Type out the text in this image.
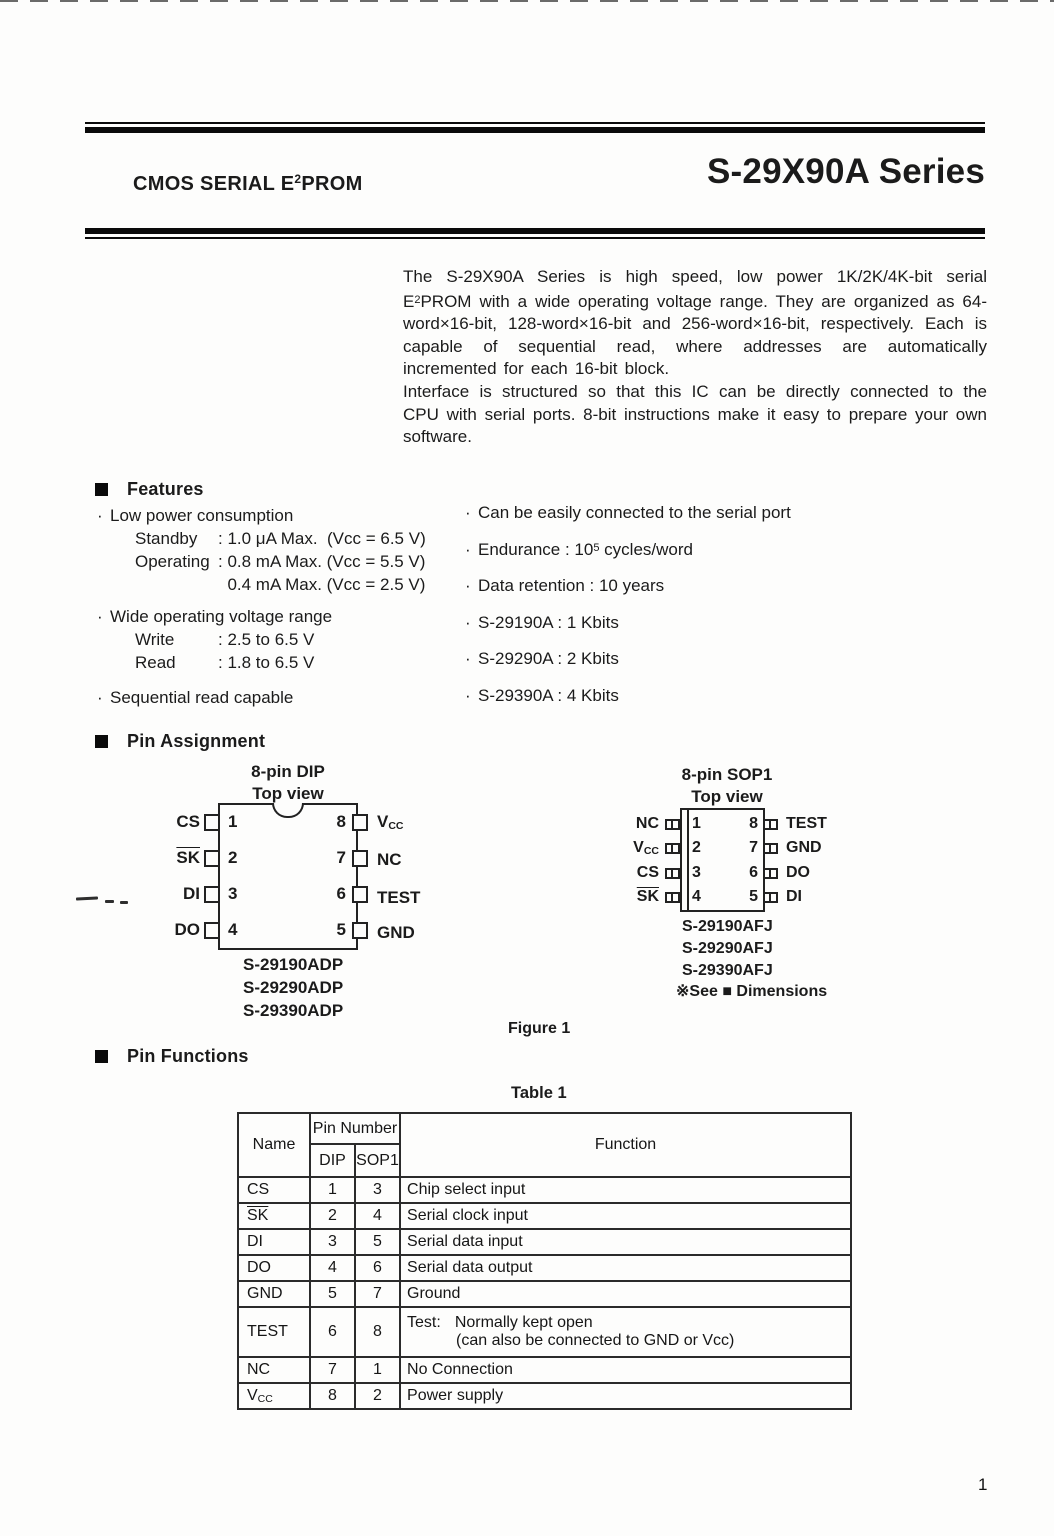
CMOS SERIAL $E^2PROM$	S-29X90A Series

The S-29X90A Series is high speed, low power 1K/2K/4K-bit serial $E^2PROM$ with a wide operating voltage range. They are organized as 64-word×16-bit, 128-word×16-bit and 256-word×16-bit, respectively. Each is capable of sequential read, where addresses are automatically incremented for each 16-bit block.

Interface is structured so that this IC can be directly connected to the CPU with serial ports. 8-bit instructions make it easy to prepare your own software.

Features
· Low power consumption
Standby	: 1.0 μA Max.  (Vcc = 6.5 V)
Operating : 0.8 mA Max. (Vcc = 5.5 V)
0.4 mA Max. (Vcc = 2.5 V)
· Wide operating voltage range
Write	: 2.5 to 6.5 V
Read	: 1.8 to 6.5 V
· Sequential read capable
· Can be easily connected to the serial port
· Endurance : $10^5$ cycles/word
· Data retention : 10 years
· S-29190A : 1 Kbits
· S-29290A : 2 Kbits
· S-29390A : 4 Kbits
Pin Assignment
8-pin DIP
Top view
CS
$\overline{SK}$
DI
DO
1
2
3
4
8
7
6
5
VCC
NC
TEST
GND
S-29190ADP
S-29290ADP
S-29390ADP
8-pin SOP1
Top view
NC
VCC
CS
$\overline{SK}$
1
2
3
4
8
7
6
5
TEST
GND
DO
DI
S-29190AFJ
S-29290AFJ
S-29390AFJ
※See ■ Dimensions
Figure 1
Pin Functions
Table 1
Name	Pin Number		Function
	DIP	SOP1	
CS	1	3	Chip select input
$\overline{SK}$	2	4	Serial clock input
DI	3	5	Serial data input
DO	4	6	Serial data output
GND	5	7	Ground
TEST	6	8	Test: Normally kept open
(can also be connected to GND or Vcc)

NC	7	1	No Connection
VCC	8	2	Power supply
1
